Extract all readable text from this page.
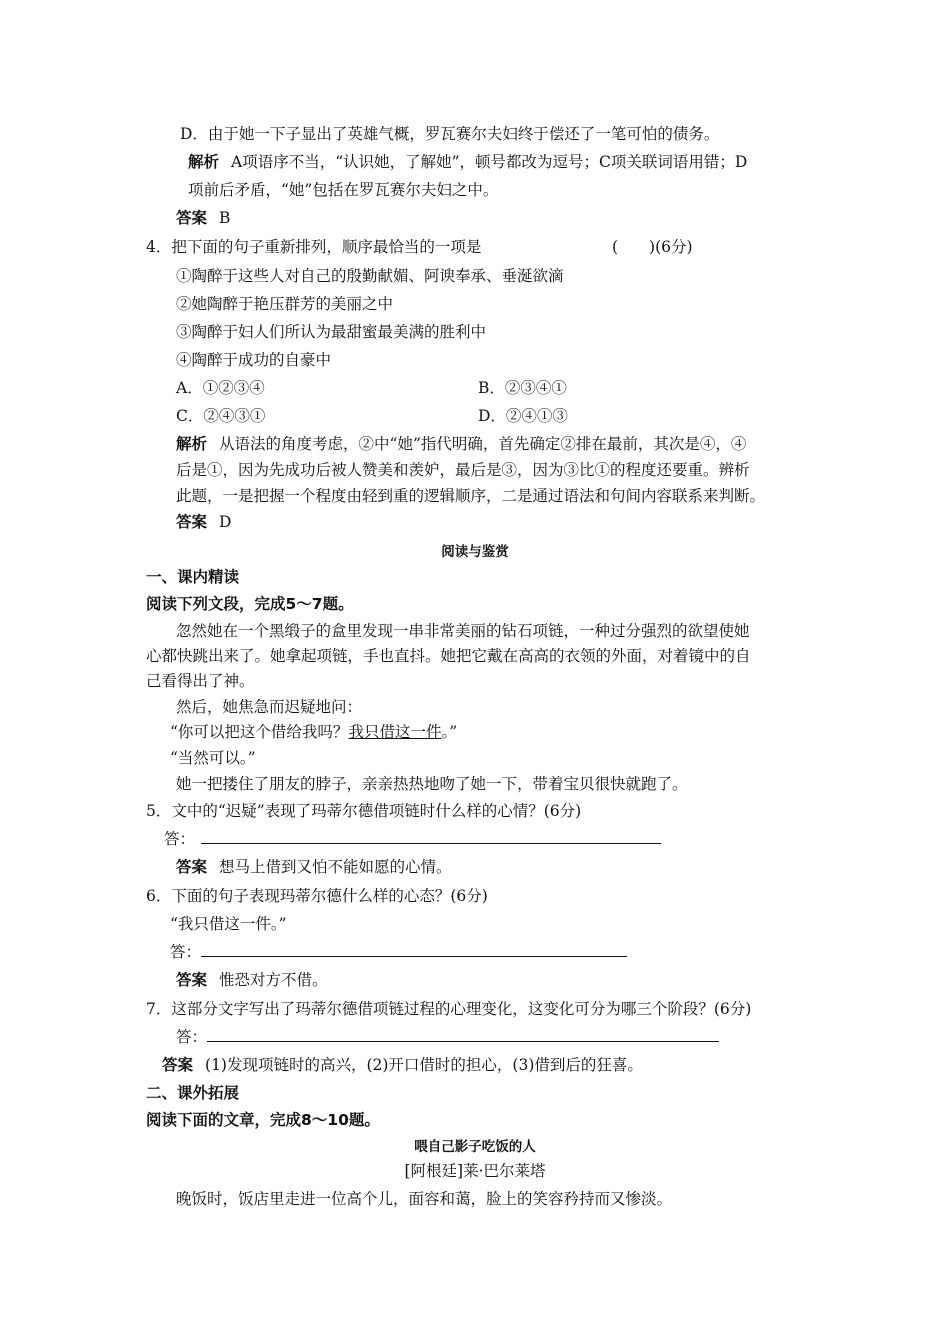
D．由于她一下子显出了英雄气概，罗瓦赛尔夫妇终于偿还了一笔可怕的债务。
解析 A项语序不当，“认识她，了解她”，顿号都改为逗号；C项关联词语用错；D
项前后矛盾，“她”包括在罗瓦赛尔夫妇之中。
答案 B
4．把下面的句子重新排列，顺序最恰当的一项是	(　　)(6分)
①陶醉于这些人对自己的殷勤献媚、阿谀奉承、垂涎欲滴
②她陶醉于艳压群芳的美丽之中
③陶醉于妇人们所认为最甜蜜最美满的胜利中
④陶醉于成功的自豪中
A．①②③④	B．②③④①
C．②④③①	D．②④①③
解析 从语法的角度考虑，②中“她”指代明确，首先确定②排在最前，其次是④，④
后是①，因为先成功后被人赞美和羡妒，最后是③，因为③比①的程度还要重。辨析
此题，一是把握一个程度由轻到重的逻辑顺序，二是通过语法和句间内容联系来判断。
答案 D
阅读与鉴赏
一、课内精读
阅读下列文段，完成5～7题。
忽然她在一个黑缎子的盒里发现一串非常美丽的钻石项链，一种过分强烈的欲望使她
心都快跳出来了。她拿起项链，手也直抖。她把它戴在高高的衣领的外面，对着镜中的自
己看得出了神。
然后，她焦急而迟疑地问：
“你可以把这个借给我吗？我只借这一件。”
“当然可以。”
她一把搂住了朋友的脖子，亲亲热热地吻了她一下，带着宝贝很快就跑了。
5．文中的“迟疑”表现了玛蒂尔德借项链时什么样的心情？(6分)
答：
答案 想马上借到又怕不能如愿的心情。
6．下面的句子表现玛蒂尔德什么样的心态？(6分)
“我只借这一件。”
答：
答案 惟恐对方不借。
7．这部分文字写出了玛蒂尔德借项链过程的心理变化，这变化可分为哪三个阶段？(6分)
答：
答案 (1)发现项链时的高兴，(2)开口借时的担心，(3)借到后的狂喜。
二、课外拓展
阅读下面的文章，完成8～10题。
喂自己影子吃饭的人
[阿根廷]莱·巴尔莱塔
晚饭时，饭店里走进一位高个儿，面容和蔼，脸上的笑容矜持而又惨淡。
